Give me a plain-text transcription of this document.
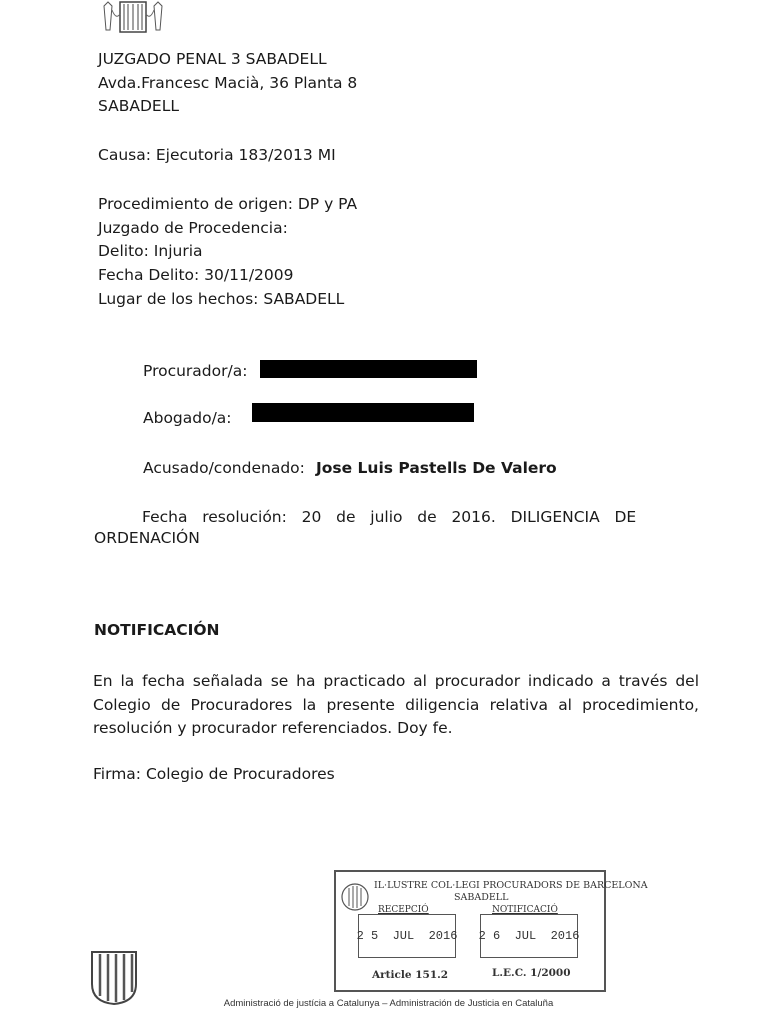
JUZGADO PENAL 3 SABADELL
Avda.Francesc Macià, 36 Planta 8
SABADELL
Causa: Ejecutoria 183/2013 MI
Procedimiento de origen: DP y PA
Juzgado de Procedencia:
Delito: Injuria
Fecha Delito: 30/11/2009
Lugar de los hechos: SABADELL
Procurador/a:
Abogado/a:
Acusado/condenado: Jose Luis Pastells De Valero
Fecha   resolución:   20   de   julio   de   2016.   DILIGENCIA   DE
ORDENACIÓN
NOTIFICACIÓN
En la fecha señalada se ha practicado al procurador indicado a través del
Colegio de Procuradores la presente diligencia relativa al procedimiento,
resolución y procurador referenciados. Doy fe.
Firma: Colegio de Procuradores
IL·LUSTRE COL·LEGI PROCURADORS DE BARCELONA
SABADELL
RECEPCIÓ	NOTIFICACIÓ
2 5  JUL  2016 2 6  JUL  2016
Article 151.2	L.E.C. 1/2000
Administració de justícia a Catalunya – Administración de Justicia en Cataluña
